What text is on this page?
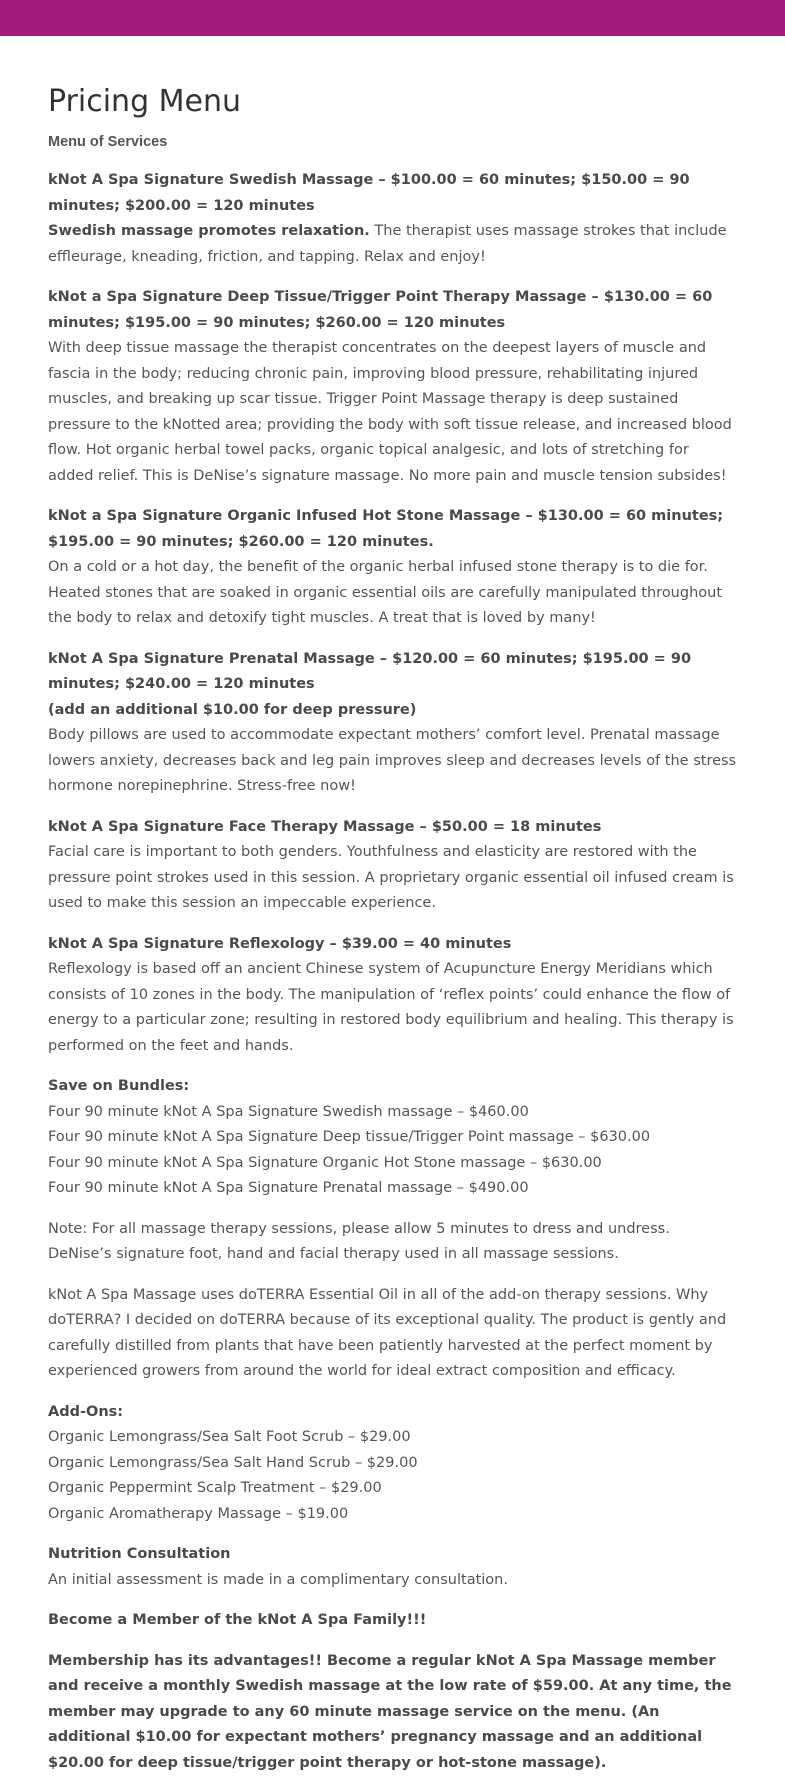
Pricing Menu
Menu of Services

kNot A Spa Signature Swedish Massage – $100.00 = 60 minutes; $150.00 = 90 minutes; $200.00 = 120 minutes
Swedish massage promotes relaxation. The therapist uses massage strokes that include effleurage, kneading, friction, and tapping. Relax and enjoy!

kNot a Spa Signature Deep Tissue/Trigger Point Therapy Massage – $130.00 = 60 minutes; $195.00 = 90 minutes; $260.00 = 120 minutes
With deep tissue massage the therapist concentrates on the deepest layers of muscle and fascia in the body; reducing chronic pain, improving blood pressure, rehabilitating injured muscles, and breaking up scar tissue. Trigger Point Massage therapy is deep sustained pressure to the kNotted area; providing the body with soft tissue release, and increased blood flow. Hot organic herbal towel packs, organic topical analgesic, and lots of stretching for added relief. This is DeNise’s signature massage. No more pain and muscle tension subsides!

kNot a Spa Signature Organic Infused Hot Stone Massage – $130.00 = 60 minutes; $195.00 = 90 minutes; $260.00 = 120 minutes.
On a cold or a hot day, the benefit of the organic herbal infused stone therapy is to die for. Heated stones that are soaked in organic essential oils are carefully manipulated throughout the body to relax and detoxify tight muscles. A treat that is loved by many!

kNot A Spa Signature Prenatal Massage – $120.00 = 60 minutes; $195.00 = 90 minutes; $240.00 = 120 minutes
(add an additional $10.00 for deep pressure)
Body pillows are used to accommodate expectant mothers’ comfort level. Prenatal massage lowers anxiety, decreases back and leg pain improves sleep and decreases levels of the stress hormone norepinephrine. Stress-free now!

kNot A Spa Signature Face Therapy Massage – $50.00 = 18 minutes
Facial care is important to both genders. Youthfulness and elasticity are restored with the pressure point strokes used in this session. A proprietary organic essential oil infused cream is used to make this session an impeccable experience.

kNot A Spa Signature Reflexology – $39.00 = 40 minutes
Reflexology is based off an ancient Chinese system of Acupuncture Energy Meridians which consists of 10 zones in the body. The manipulation of ‘reflex points’ could enhance the flow of energy to a particular zone; resulting in restored body equilibrium and healing. This therapy is performed on the feet and hands.

Save on Bundles:
Four 90 minute kNot A Spa Signature Swedish massage – $460.00
Four 90 minute kNot A Spa Signature Deep tissue/Trigger Point massage – $630.00
Four 90 minute kNot A Spa Signature Organic Hot Stone massage – $630.00
Four 90 minute kNot A Spa Signature Prenatal massage – $490.00

Note: For all massage therapy sessions, please allow 5 minutes to dress and undress.
DeNise’s signature foot, hand and facial therapy used in all massage sessions.

kNot A Spa Massage uses doTERRA Essential Oil in all of the add-on therapy sessions. Why doTERRA? I decided on doTERRA because of its exceptional quality. The product is gently and carefully distilled from plants that have been patiently harvested at the perfect moment by experienced growers from around the world for ideal extract composition and efficacy.

Add-Ons:
Organic Lemongrass/Sea Salt Foot Scrub – $29.00
Organic Lemongrass/Sea Salt Hand Scrub – $29.00
Organic Peppermint Scalp Treatment – $29.00
Organic Aromatherapy Massage – $19.00

Nutrition Consultation
An initial assessment is made in a complimentary consultation.

Become a Member of the kNot A Spa Family!!!

Membership has its advantages!! Become a regular kNot A Spa Massage member and receive a monthly Swedish massage at the low rate of $59.00. At any time, the member may upgrade to any 60 minute massage service on the menu. (An additional $10.00 for expectant mothers’ pregnancy massage and an additional $20.00 for deep tissue/trigger point therapy or hot-stone massage).
